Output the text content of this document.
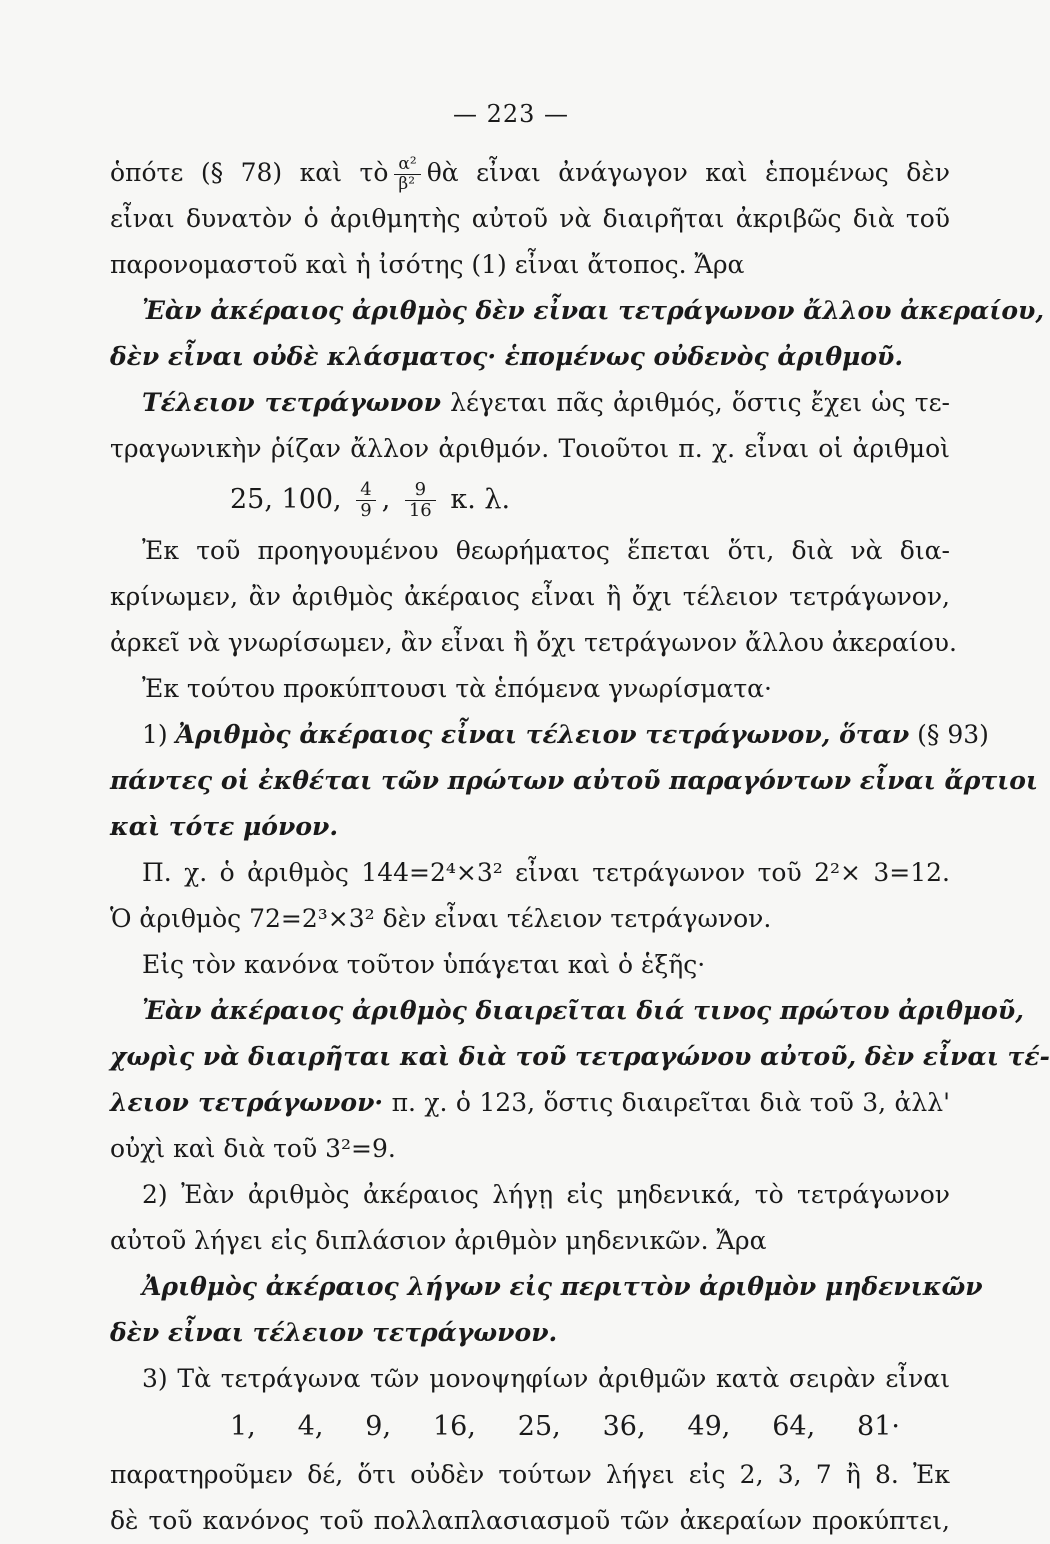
— 223 —
ὁπότε (§ 78) καὶ τὸ $\frac{\text{α²}}{\text{β²}}$ θὰ εἶναι ἀνάγωγον καὶ ἑπομένως δὲν
εἶναι δυνατὸν ὁ ἀριθμητὴς αὐτοῦ νὰ διαιρῆται ἀκριβῶς διὰ τοῦ
παρονομαστοῦ καὶ ἡ ἰσότης (1) εἶναι ἄτοπος. Ἄρα
Ἐὰν ἀκέραιος ἀριθμὸς δὲν εἶναι τετράγωνον ἄλλου ἀκεραίου,
δὲν εἶναι οὐδὲ κλάσματος· ἑπομένως οὐδενὸς ἀριθμοῦ.
Τέλειον τετράγωνον λέγεται πᾶς ἀριθμός, ὅστις ἔχει ὡς τε-
τραγωνικὴν ῥίζαν ἄλλον ἀριθμόν. Τοιοῦτοι π. χ. εἶναι οἱ ἀριθμοὶ
25, 100, $\frac{4}{9}$ , $\frac{9}{16} \kappa$. λ.
Ἐκ τοῦ προηγουμένου θεωρήματος ἕπεται ὅτι, διὰ νὰ δια-
κρίνωμεν, ἂν ἀριθμὸς ἀκέραιος εἶναι ἢ ὄχι τέλειον τετράγωνον,
ἀρκεῖ νὰ γνωρίσωμεν, ἂν εἶναι ἢ ὄχι τετράγωνον ἄλλου ἀκεραίου.
Ἐκ τούτου προκύπτουσι τὰ ἑπόμενα γνωρίσματα·
1) Ἀριθμὸς ἀκέραιος εἶναι τέλειον τετράγωνον, ὅταν (§ 93)
πάντες οἱ ἐκθέται τῶν πρώτων αὐτοῦ παραγόντων εἶναι ἄρτιοι
καὶ τότε μόνον.
Π. χ. ὁ ἀριθμὸς 144=2⁴×3² εἶναι τετράγωνον τοῦ 2²× 3=12.
Ὁ ἀριθμὸς 72=2³×3² δὲν εἶναι τέλειον τετράγωνον.
Εἰς τὸν κανόνα τοῦτον ὑπάγεται καὶ ὁ ἑξῆς·
Ἐὰν ἀκέραιος ἀριθμὸς διαιρεῖται διά τινος πρώτου ἀριθμοῦ,
χωρὶς νὰ διαιρῆται καὶ διὰ τοῦ τετραγώνου αὐτοῦ, δὲν εἶναι τέ-
λειον τετράγωνον· π. χ. ὁ 123, ὅστις διαιρεῖται διὰ τοῦ 3, ἀλλ'
οὐχὶ καὶ διὰ τοῦ 3²=9.
2) Ἐὰν ἀριθμὸς ἀκέραιος λήγῃ εἰς μηδενικά, τὸ τετράγωνον
αὐτοῦ λήγει εἰς διπλάσιον ἀριθμὸν μηδενικῶν. Ἄρα
Ἀριθμὸς ἀκέραιος λήγων εἰς περιττὸν ἀριθμὸν μηδενικῶν
δὲν εἶναι τέλειον τετράγωνον.
3) Τὰ τετράγωνα τῶν μονοψηφίων ἀριθμῶν κατὰ σειρὰν εἶναι
1, 4, 9, 16, 25, 36, 49, 64, 81·
παρατηροῦμεν δέ, ὅτι οὐδὲν τούτων λήγει εἰς 2, 3, 7 ἢ 8. Ἐκ
δὲ τοῦ κανόνος τοῦ πολλαπλασιασμοῦ τῶν ἀκεραίων προκύπτει,
